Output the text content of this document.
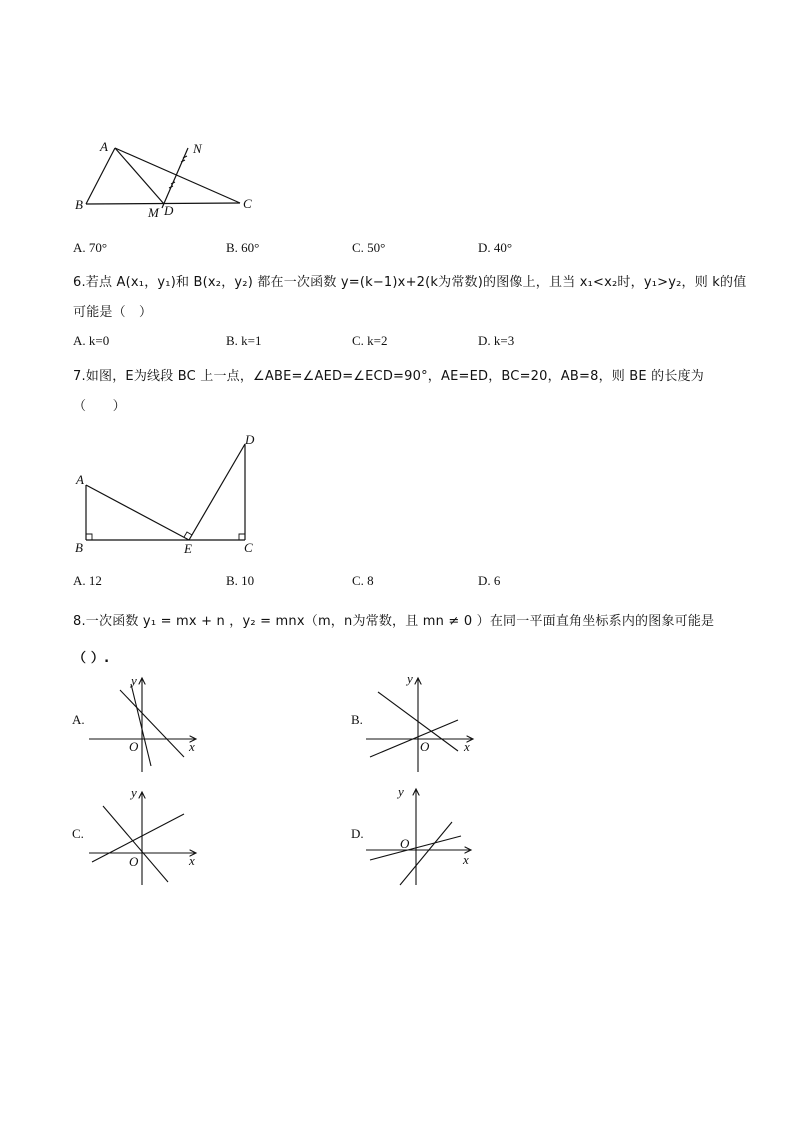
A
B	C
M D
N
A. 70°	B. 60°	C. 50°	D. 40°
6.若点 A(x₁，y₁)和 B(x₂，y₂) 都在一次函数 y=(k−1)x+2(k为常数)的图像上，且当 x₁<x₂时，y₁>y₂，则 k的值
可能是（　）
A. k=0	B. k=1	C. k=2	D. k=3
7.如图，E为线段 BC 上一点，∠ABE=∠AED=∠ECD=90°，AE=ED，BC=20，AB=8，则 BE 的长度为
（　　）
A
B	E	C
D
A. 12	B. 10	C. 8	D. 6
8.一次函数 y₁ = mx + n ，y₂ = mnx（m，n为常数，且 mn ≠ 0 ）在同一平面直角坐标系内的图象可能是
（ ）.
A.
y
x
O
B.
y
x
O
C.
y
x
O
D.
y
x
O
